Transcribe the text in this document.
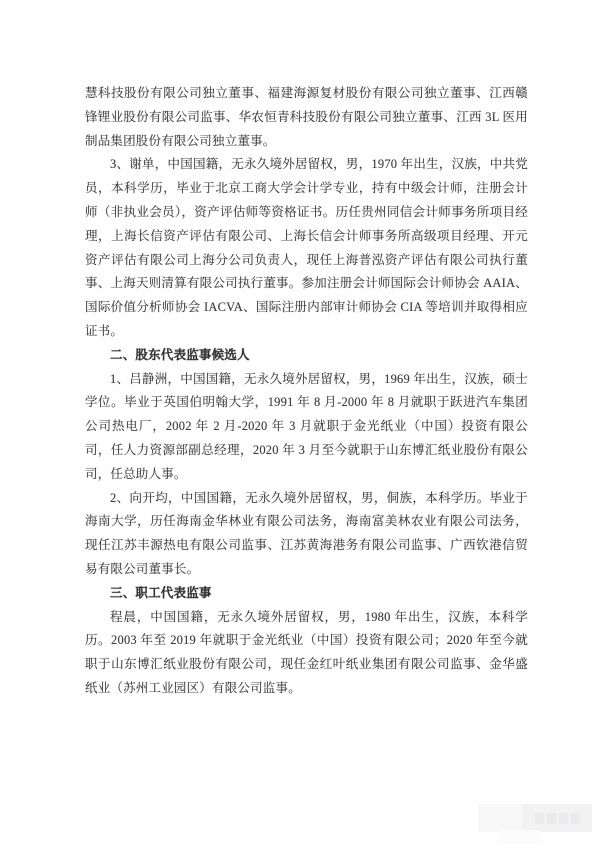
慧科技股份有限公司独立董事、福建海源复材股份有限公司独立董事、江西赣锋锂业股份有限公司监事、华农恒青科技股份有限公司独立董事、江西 3L 医用制品集团股份有限公司独立董事。

3、谢单，中国国籍，无永久境外居留权，男，1970 年出生，汉族，中共党员，本科学历，毕业于北京工商大学会计学专业，持有中级会计师，注册会计师（非执业会员），资产评估师等资格证书。历任贵州同信会计师事务所项目经理，上海长信资产评估有限公司、上海长信会计师事务所高级项目经理、开元资产评估有限公司上海分公司负责人，现任上海普泓资产评估有限公司执行董事、上海天则清算有限公司执行董事。参加注册会计师国际会计师协会 AAIA、国际价值分析师协会 IACVA、国际注册内部审计师协会 CIA 等培训并取得相应证书。

二、股东代表监事候选人

1、吕静洲，中国国籍，无永久境外居留权，男，1969 年出生，汉族，硕士学位。毕业于英国伯明翰大学，1991 年 8 月-2000 年 8 月就职于跃进汽车集团公司热电厂，2002 年 2 月-2020 年 3 月就职于金光纸业（中国）投资有限公司，任人力资源部副总经理，2020 年 3 月至今就职于山东博汇纸业股份有限公司，任总助人事。

2、向开均，中国国籍，无永久境外居留权，男，侗族，本科学历。毕业于海南大学，历任海南金华林业有限公司法务，海南富美林农业有限公司法务，现任江苏丰源热电有限公司监事、江苏黄海港务有限公司监事、广西钦港信贸易有限公司董事长。

三、职工代表监事

程晨，中国国籍，无永久境外居留权，男，1980 年出生，汉族，本科学历。2003 年至 2019 年就职于金光纸业（中国）投资有限公司；2020 年至今就职于山东博汇纸业股份有限公司，现任金红叶纸业集团有限公司监事、金华盛纸业（苏州工业园区）有限公司监事。
